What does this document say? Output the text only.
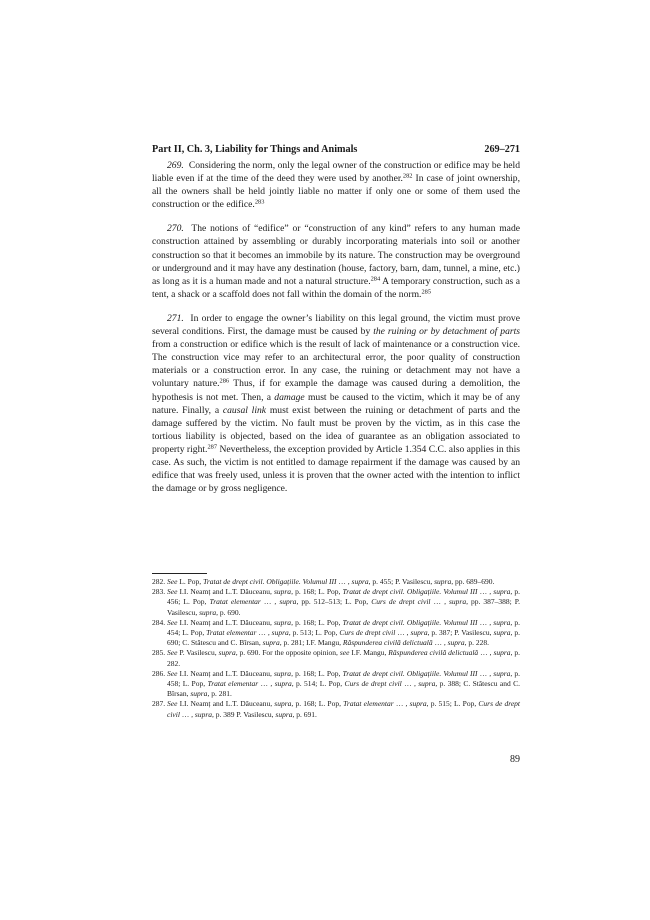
Part II, Ch. 3, Liability for Things and Animals	269–271

269. Considering the norm, only the legal owner of the construction or edifice may be held liable even if at the time of the deed they were used by another.$^{282}$ In case of joint ownership, all the owners shall be held jointly liable no matter if only one or some of them used the construction or the edifice.$^{283}$

270. The notions of “edifice” or “construction of any kind” refers to any human made construction attained by assembling or durably incorporating materials into soil or another construction so that it becomes an immobile by its nature. The construction may be overground or underground and it may have any destination (house, factory, barn, dam, tunnel, a mine, etc.) as long as it is a human made and not a natural structure.$^{284}$ A temporary construction, such as a tent, a shack or a scaffold does not fall within the domain of the norm.$^{285}$

271. In order to engage the owner’s liability on this legal ground, the victim must prove several conditions. First, the damage must be caused by the ruining or by detachment of parts from a construction or edifice which is the result of lack of maintenance or a construction vice. The construction vice may refer to an architectural error, the poor quality of construction materials or a construction error. In any case, the ruining or detachment may not have a voluntary nature.$^{286}$ Thus, if for example the damage was caused during a demolition, the hypothesis is not met. Then, a damage must be caused to the victim, which it may be of any nature. Finally, a causal link must exist between the ruining or detachment of parts and the damage suffered by the victim. No fault must be proven by the victim, as in this case the tortious liability is objected, based on the idea of guarantee as an obligation associated to property right.$^{287}$ Nevertheless, the exception provided by Article 1.354 C.C. also applies in this case. As such, the victim is not entitled to damage repairment if the damage was caused by an edifice that was freely used, unless it is proven that the owner acted with the intention to inflict the damage or by gross negligence.

282. See L. Pop, Tratat de drept civil. Obligațiile. Volumul III … , supra, p. 455; P. Vasilescu, supra, pp. 689–690.
283. See I.I. Neamț and L.T. Dăuceanu, supra, p. 168; L. Pop, Tratat de drept civil. Obligațiile. Volumul III … , supra, p. 456; L. Pop, Tratat elementar … , supra, pp. 512–513; L. Pop, Curs de drept civil … , supra, pp. 387–388; P. Vasilescu, supra, p. 690.
284. See I.I. Neamț and L.T. Dăuceanu, supra, p. 168; L. Pop, Tratat de drept civil. Obligațiile. Volumul III … , supra, p. 454; L. Pop, Tratat elementar … , supra, p. 513; L. Pop, Curs de drept civil … , supra, p. 387; P. Vasilescu, supra, p. 690; C. Stătescu and C. Bîrsan, supra, p. 281; I.F. Mangu, Răspunderea civilă delictuală … , supra, p. 228.
285. See P. Vasilescu, supra, p. 690. For the opposite opinion, see I.F. Mangu, Răspunderea civilă delictuală … , supra, p. 282.
286. See I.I. Neamț and L.T. Dăuceanu, supra, p. 168; L. Pop, Tratat de drept civil. Obligațiile. Volumul III … , supra, p. 458; L. Pop, Tratat elementar … , supra, p. 514; L. Pop, Curs de drept civil … , supra, p. 388; C. Stătescu and C. Bîrsan, supra, p. 281.
287. See I.I. Neamț and L.T. Dăuceanu, supra, p. 168; L. Pop, Tratat elementar … , supra, p. 515; L. Pop, Curs de drept civil … , supra, p. 389 P. Vasilescu, supra, p. 691.
89
